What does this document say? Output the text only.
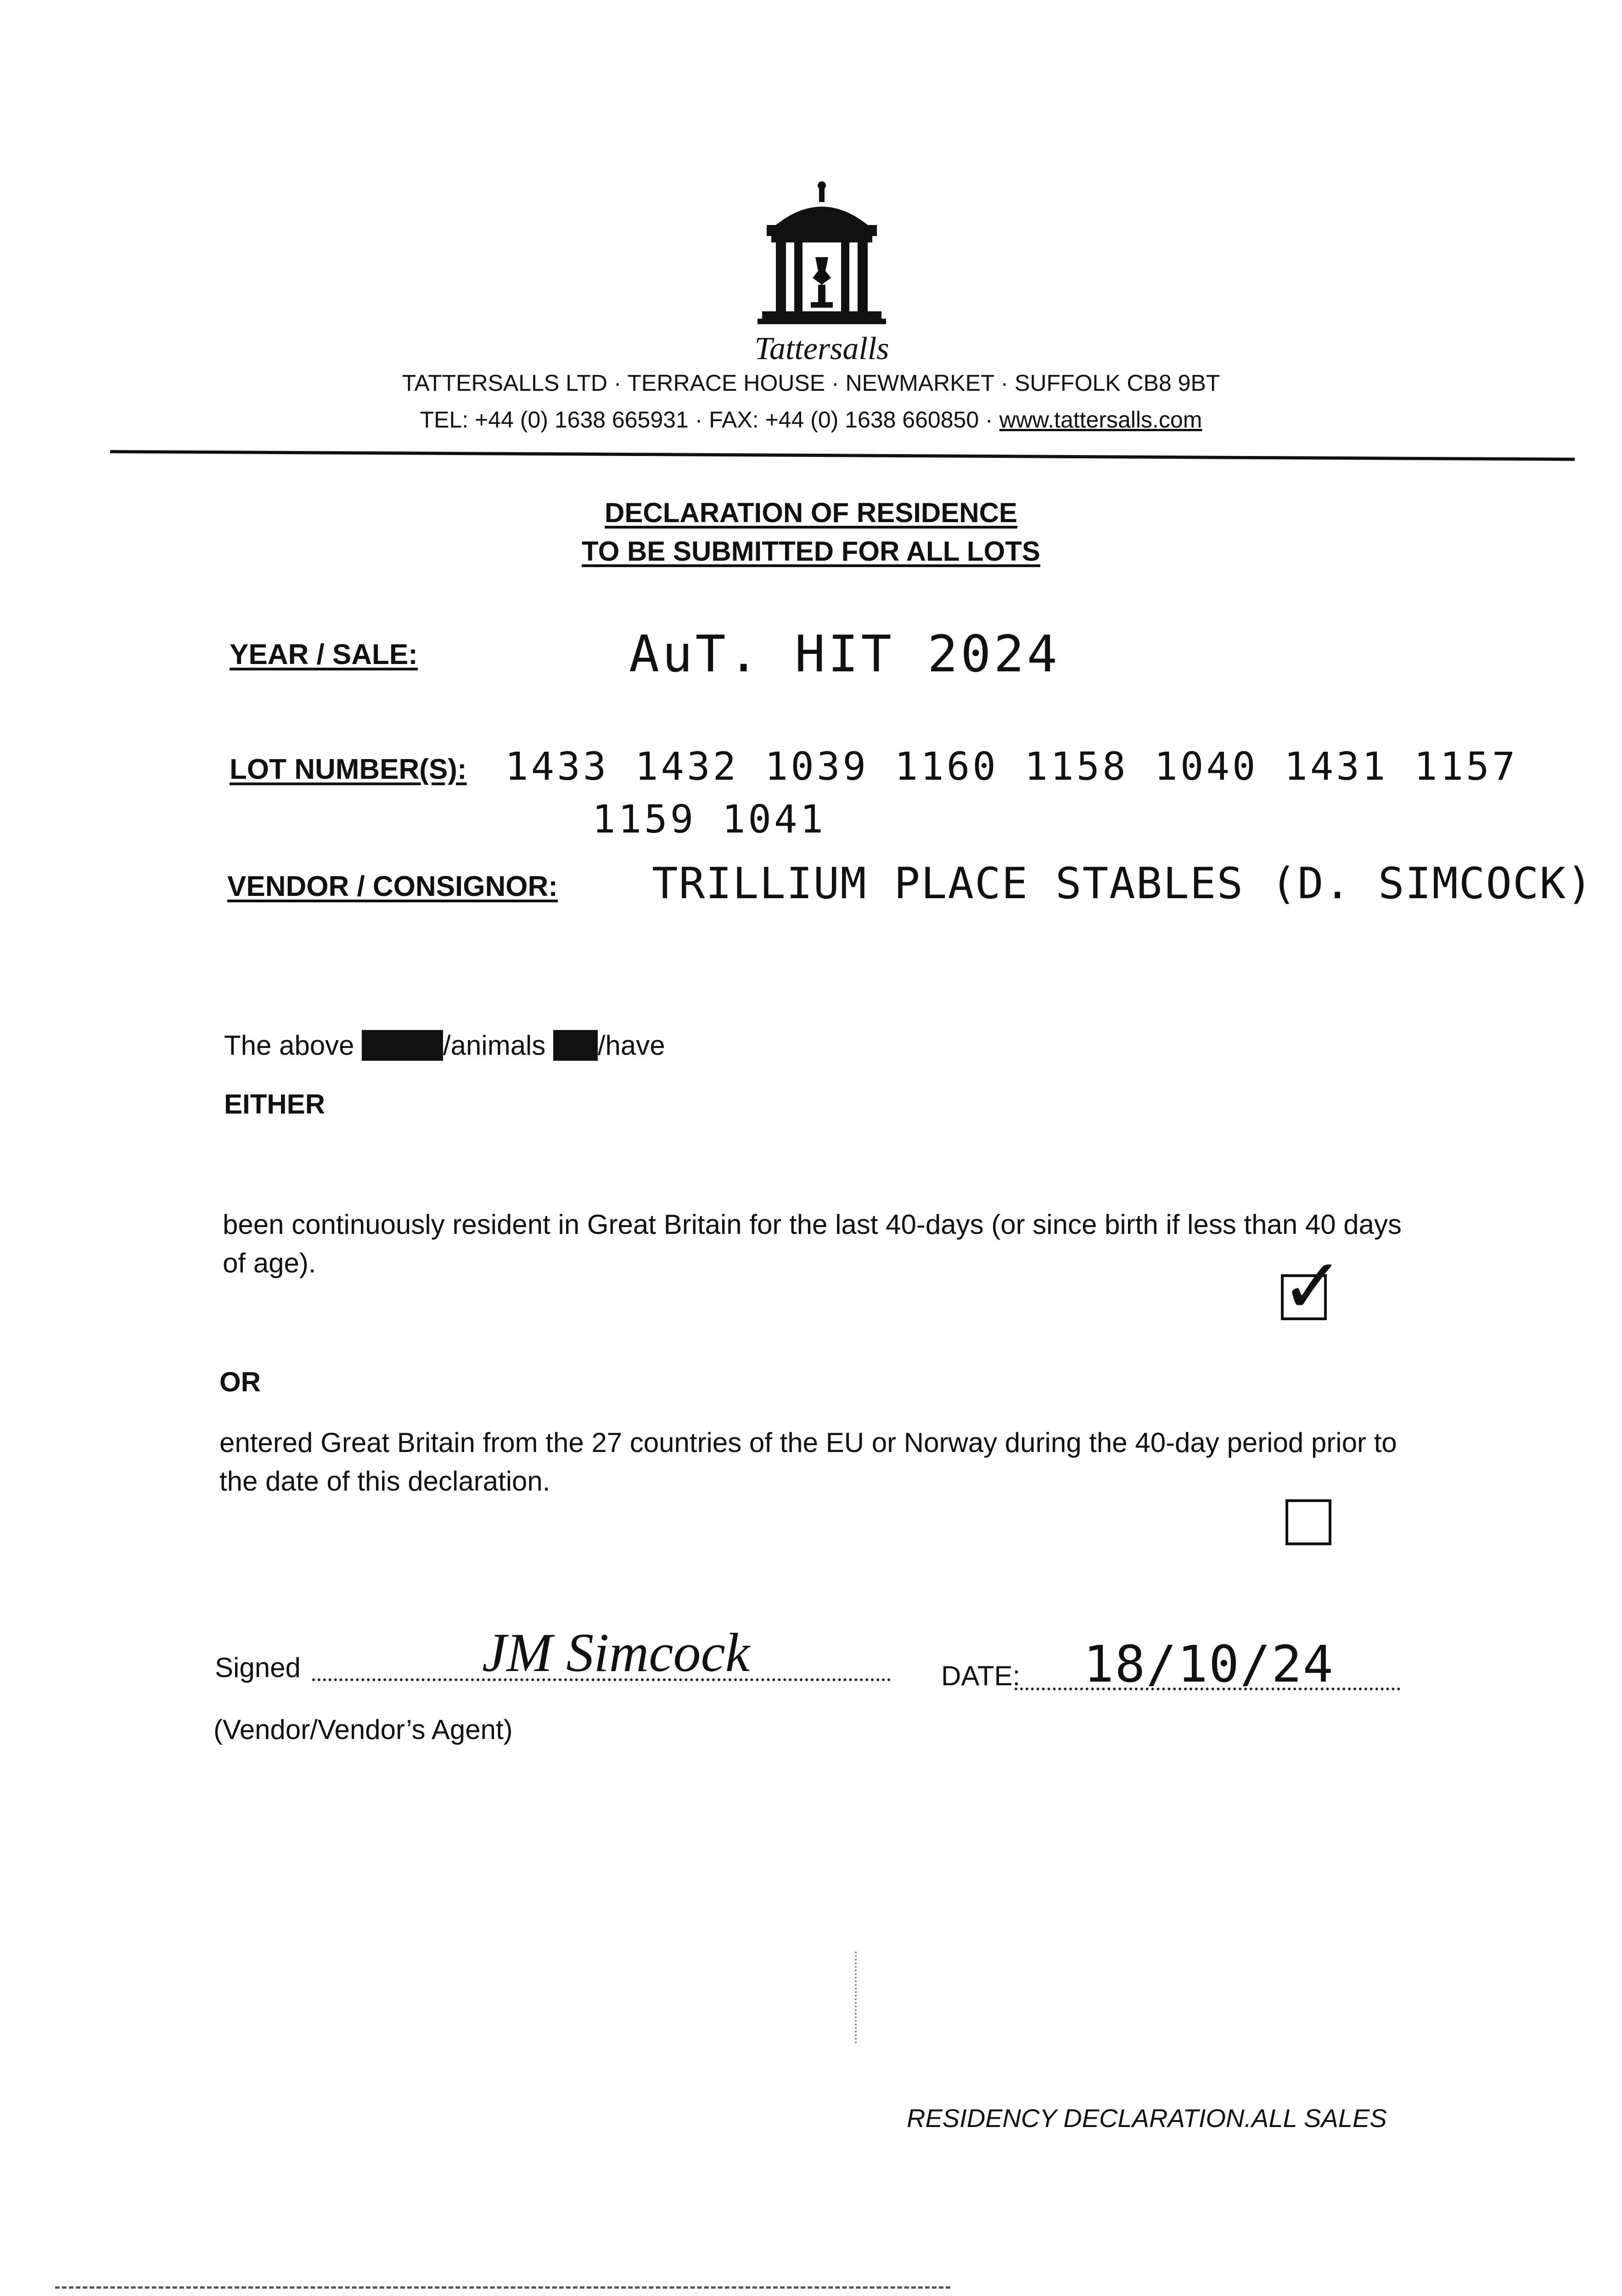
Tattersalls
TATTERSALLS LTD · TERRACE HOUSE · NEWMARKET · SUFFOLK CB8 9BT
TEL: +44 (0) 1638 665931 · FAX: +44 (0) 1638 660850 · www.tattersalls.com
DECLARATION OF RESIDENCE
TO BE SUBMITTED FOR ALL LOTS
YEAR / SALE:	AuT. HIT 2024
LOT NUMBER(S): 1433 1432 1039 1160 1158 1040 1431 1157
1159 1041
VENDOR / CONSIGNOR: TRILLIUM PLACE STABLES (D. SIMCOCK)
The above animal/animals has/have
EITHER
been continuously resident in Great Britain for the last 40-days (or since birth if less than 40 days of age).	✓
OR
entered Great Britain from the 27 countries of the EU or Norway during the 40-day period prior to the date of this declaration.
Signed	JM Simcock
(Vendor/Vendor’s Agent)
DATE: 18/10/24
RESIDENCY DECLARATION.ALL SALES
